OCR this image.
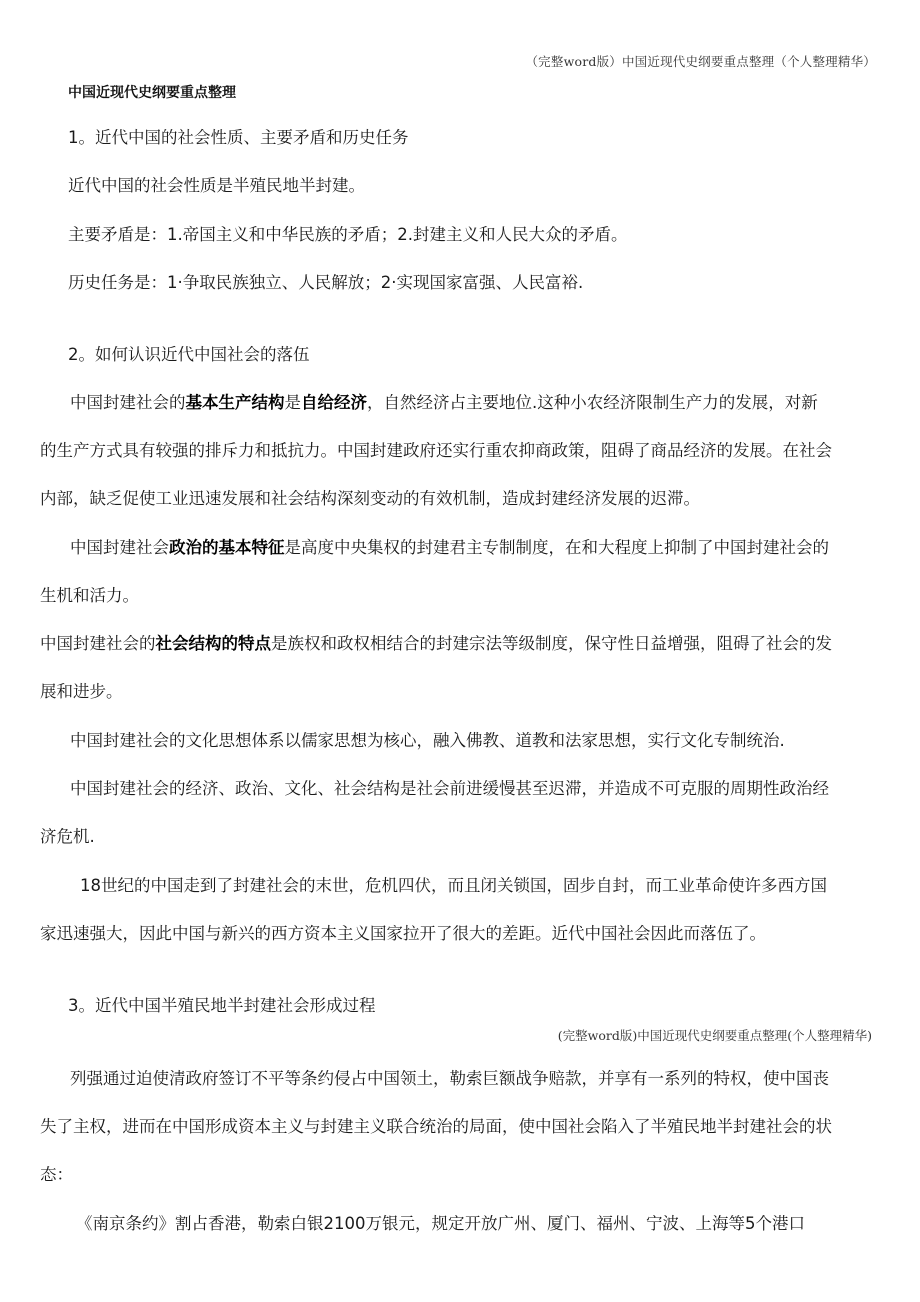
（完整word版）中国近现代史纲要重点整理（个人整理精华）
中国近现代史纲要重点整理
1。近代中国的社会性质、主要矛盾和历史任务
近代中国的社会性质是半殖民地半封建。
主要矛盾是：1.帝国主义和中华民族的矛盾；2.封建主义和人民大众的矛盾。
历史任务是：1·争取民族独立、人民解放；2·实现国家富强、人民富裕.
2。如何认识近代中国社会的落伍
中国封建社会的基本生产结构是自给经济，自然经济占主要地位.这种小农经济限制生产力的发展，对新
的生产方式具有较强的排斥力和抵抗力。中国封建政府还实行重农抑商政策，阻碍了商品经济的发展。在社会
内部，缺乏促使工业迅速发展和社会结构深刻变动的有效机制，造成封建经济发展的迟滞。
中国封建社会政治的基本特征是高度中央集权的封建君主专制制度，在和大程度上抑制了中国封建社会的
生机和活力。
中国封建社会的社会结构的特点是族权和政权相结合的封建宗法等级制度，保守性日益增强，阻碍了社会的发
展和进步。
中国封建社会的文化思想体系以儒家思想为核心，融入佛教、道教和法家思想，实行文化专制统治.
中国封建社会的经济、政治、文化、社会结构是社会前进缓慢甚至迟滞，并造成不可克服的周期性政治经
济危机.
18世纪的中国走到了封建社会的末世，危机四伏，而且闭关锁国，固步自封，而工业革命使许多西方国
家迅速强大，因此中国与新兴的西方资本主义国家拉开了很大的差距。近代中国社会因此而落伍了。
3。近代中国半殖民地半封建社会形成过程
(完整word版)中国近现代史纲要重点整理(个人整理精华)
列强通过迫使清政府签订不平等条约侵占中国领土，勒索巨额战争赔款，并享有一系列的特权，使中国丧
失了主权，进而在中国形成资本主义与封建主义联合统治的局面，使中国社会陷入了半殖民地半封建社会的状
态：
《南京条约》割占香港，勒索白银2100万银元，规定开放广州、厦门、福州、宁波、上海等5个港口
